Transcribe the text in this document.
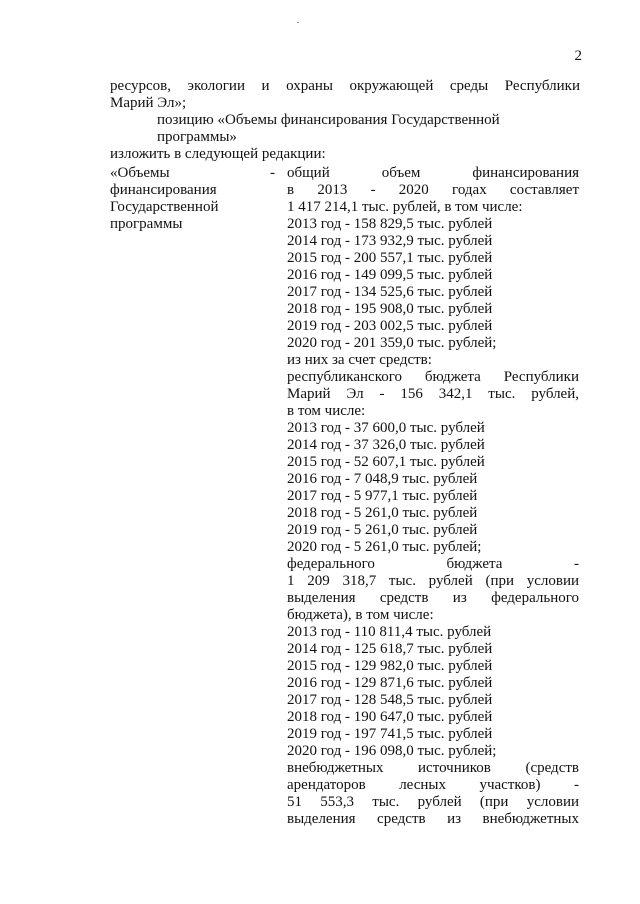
2
ресурсов, экологии и охраны окружающей среды Республики
Марий Эл»;
позицию «Объемы финансирования Государственной программы»
изложить в следующей редакции:
«Объемы	-
финансирования
Государственной
программы
общий объем финансирования
в 2013 - 2020 годах составляет
1 417 214,1 тыс. рублей, в том числе:
2013 год - 158 829,5 тыс. рублей
2014 год - 173 932,9 тыс. рублей
2015 год - 200 557,1 тыс. рублей
2016 год - 149 099,5 тыс. рублей
2017 год - 134 525,6 тыс. рублей
2018 год - 195 908,0 тыс. рублей
2019 год - 203 002,5 тыс. рублей
2020 год - 201 359,0 тыс. рублей;
из них за счет средств:
республиканского бюджета Республики
Марий Эл - 156 342,1 тыс. рублей,
в том числе:
2013 год - 37 600,0 тыс. рублей
2014 год - 37 326,0 тыс. рублей
2015 год - 52 607,1 тыс. рублей
2016 год - 7 048,9 тыс. рублей
2017 год - 5 977,1 тыс. рублей
2018 год - 5 261,0 тыс. рублей
2019 год - 5 261,0 тыс. рублей
2020 год - 5 261,0 тыс. рублей;
федерального бюджета -
1 209 318,7 тыс. рублей (при условии
выделения средств из федерального
бюджета), в том числе:
2013 год - 110 811,4 тыс. рублей
2014 год - 125 618,7 тыс. рублей
2015 год - 129 982,0 тыс. рублей
2016 год - 129 871,6 тыс. рублей
2017 год - 128 548,5 тыс. рублей
2018 год - 190 647,0 тыс. рублей
2019 год - 197 741,5 тыс. рублей
2020 год - 196 098,0 тыс. рублей;
внебюджетных источников (средств
арендаторов лесных участков) -
51 553,3 тыс. рублей (при условии
выделения средств из внебюджетных
